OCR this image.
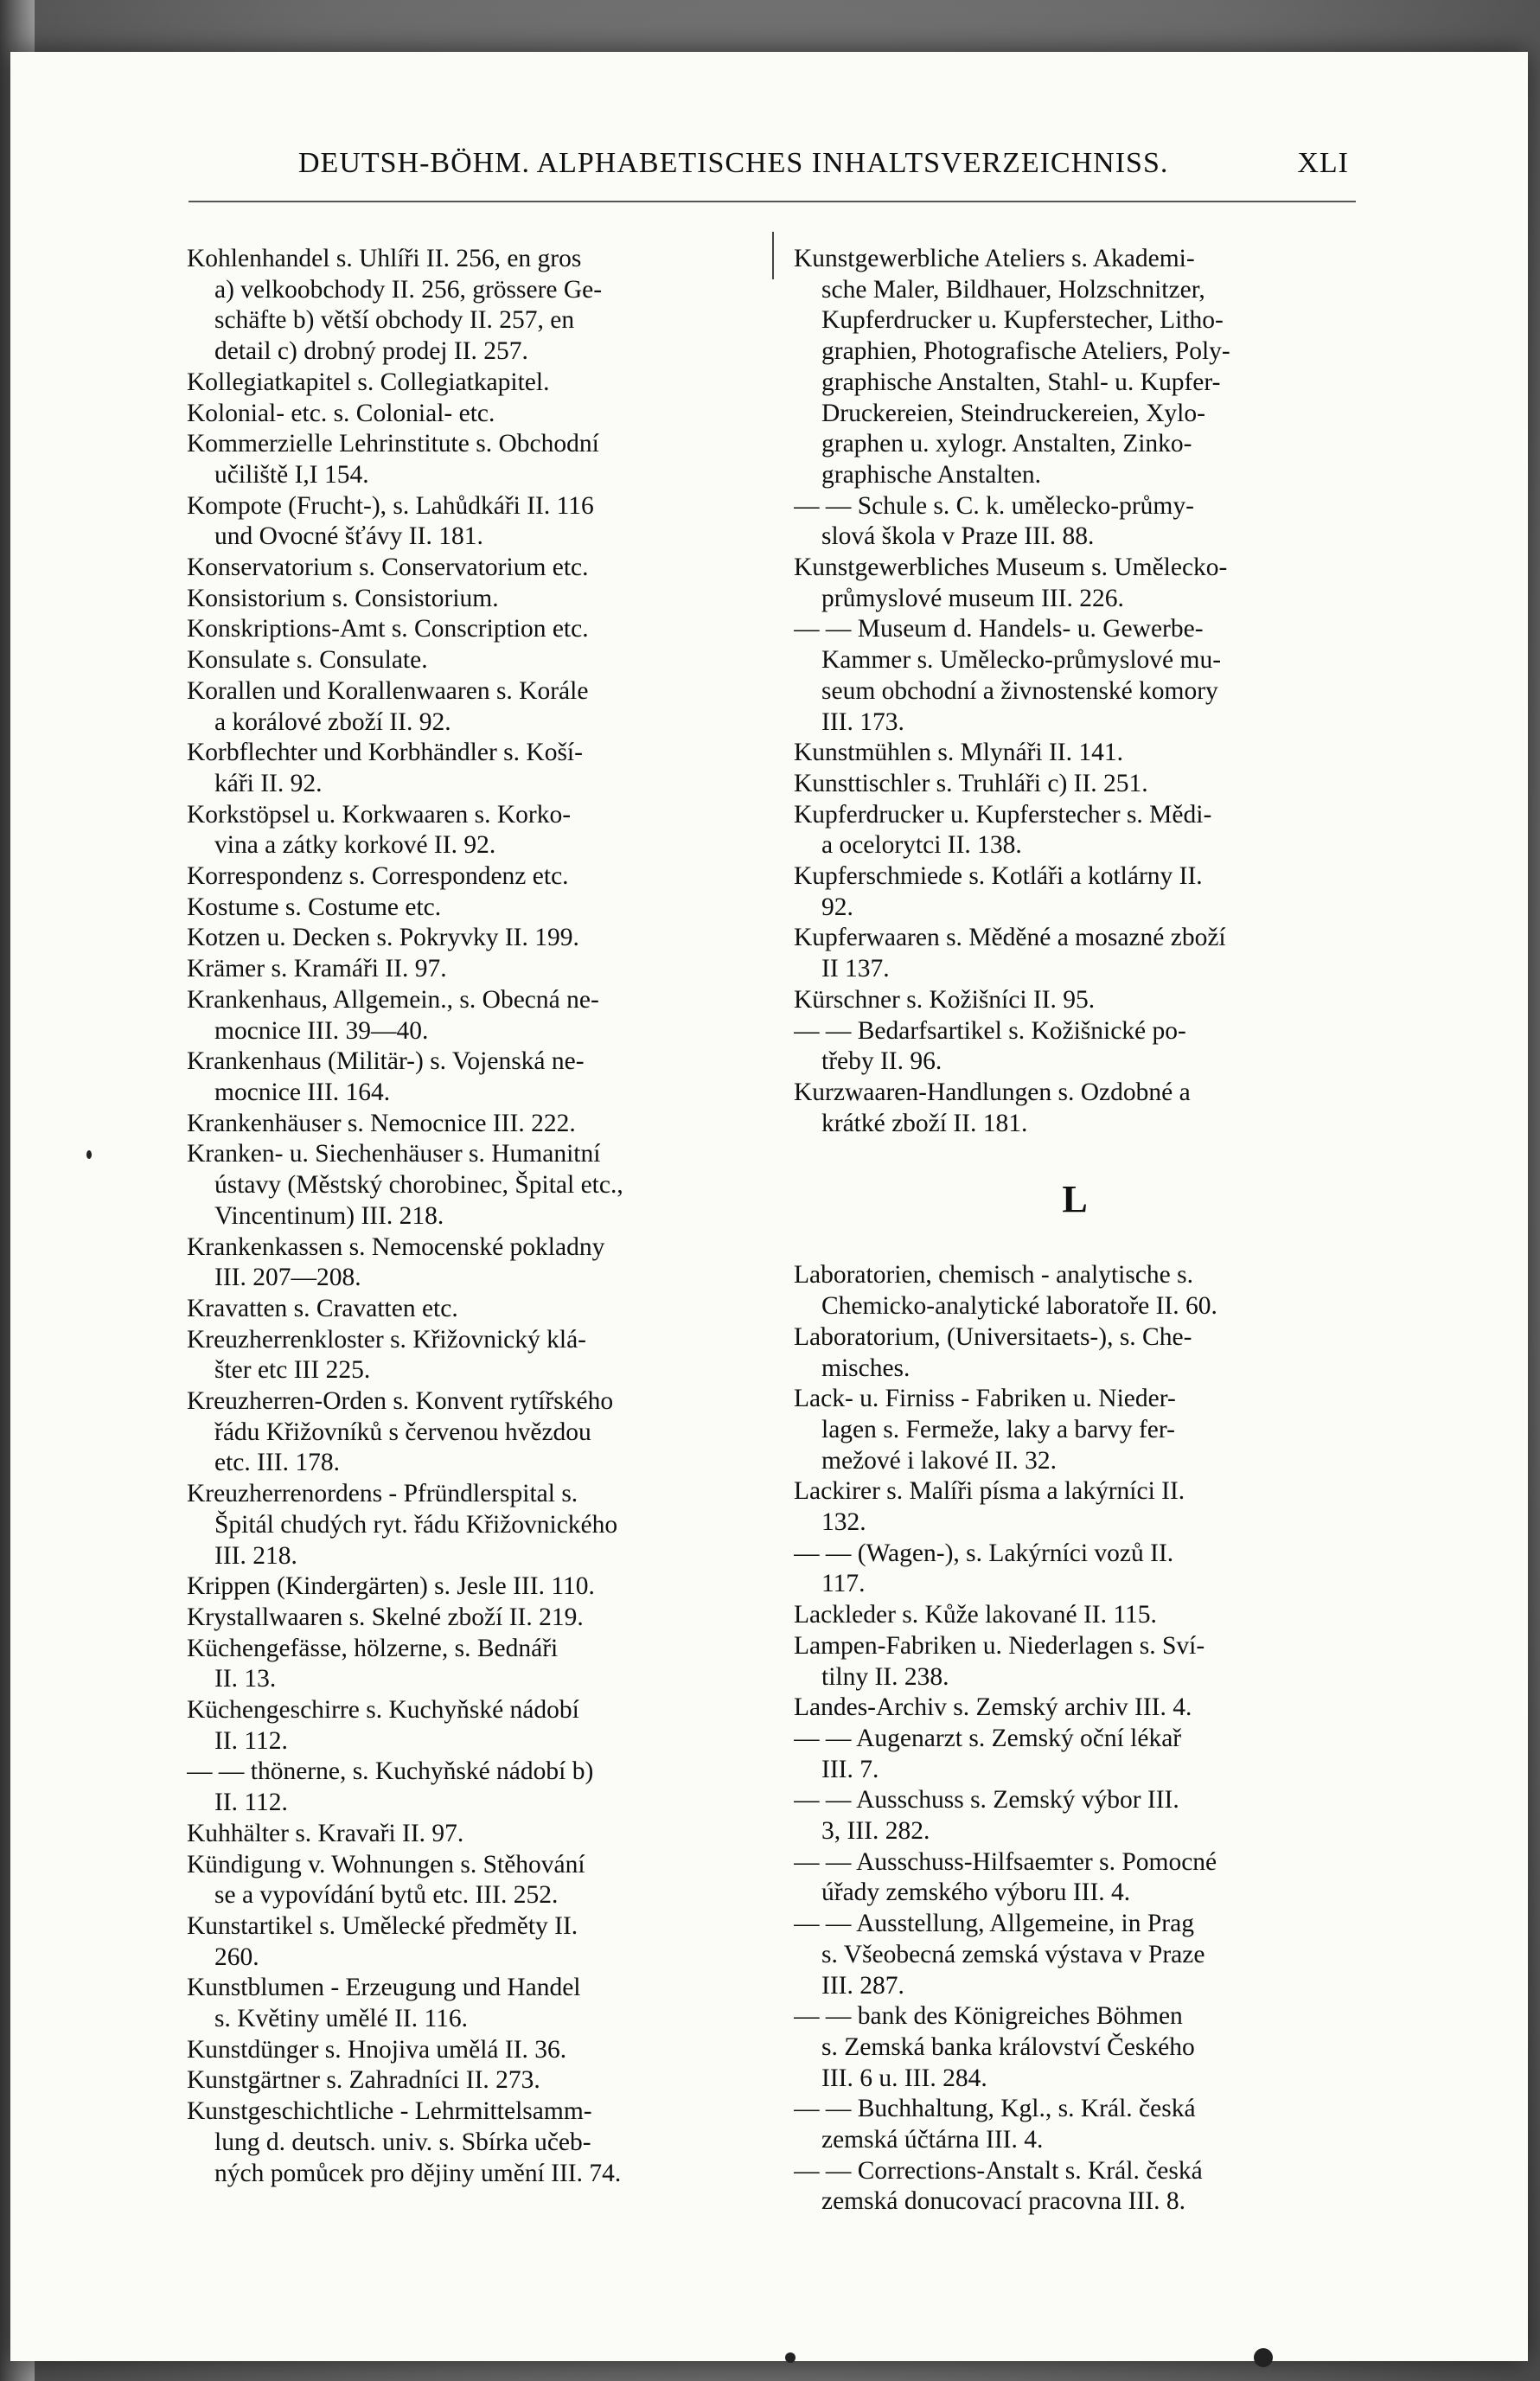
DEUTSH-BÖHM. ALPHABETISCHES INHALTSVERZEICHNISS.	XLI
Kohlenhandel s. Uhlíři II. 256, en gros
a) velkoobchody II. 256, grössere Ge-
schäfte b) větší obchody II. 257, en
detail c) drobný prodej II. 257.
Kollegiatkapitel s. Collegiatkapitel.
Kolonial- etc. s. Colonial- etc.
Kommerzielle Lehrinstitute s. Obchodní
učiliště I,I 154.
Kompote (Frucht-), s. Lahůdkáři II. 116
und Ovocné šťávy II. 181.
Konservatorium s. Conservatorium etc.
Konsistorium s. Consistorium.
Konskriptions-Amt s. Conscription etc.
Konsulate s. Consulate.
Korallen und Korallenwaaren s. Korále
a korálové zboží II. 92.
Korbflechter und Korbhändler s. Koší-
káři II. 92.
Korkstöpsel u. Korkwaaren s. Korko-
vina a zátky korkové II. 92.
Korrespondenz s. Correspondenz etc.
Kostume s. Costume etc.
Kotzen u. Decken s. Pokryvky II. 199.
Krämer s. Kramáři II. 97.
Krankenhaus, Allgemein., s. Obecná ne-
mocnice III. 39—40.
Krankenhaus (Militär-) s. Vojenská ne-
mocnice III. 164.
Krankenhäuser s. Nemocnice III. 222.
Kranken- u. Siechenhäuser s. Humanitní
ústavy (Městský chorobinec, Špital etc.,
Vincentinum) III. 218.
Krankenkassen s. Nemocenské pokladny
III. 207—208.
Kravatten s. Cravatten etc.
Kreuzherrenkloster s. Křižovnický klá-
šter etc III 225.
Kreuzherren-Orden s. Konvent rytířského
řádu Křižovníků s červenou hvězdou
etc. III. 178.
Kreuzherrenordens - Pfründlerspital s.
Špitál chudých ryt. řádu Křižovnického
III. 218.
Krippen (Kindergärten) s. Jesle III. 110.
Krystallwaaren s. Skelné zboží II. 219.
Küchengefässe, hölzerne, s. Bednáři
II. 13.
Küchengeschirre s. Kuchyňské nádobí
II. 112.
— — thönerne, s. Kuchyňské nádobí b)
II. 112.
Kuhhälter s. Kravaři II. 97.
Kündigung v. Wohnungen s. Stěhování
se a vypovídání bytů etc. III. 252.
Kunstartikel s. Umělecké předměty II.
260.
Kunstblumen - Erzeugung und Handel
s. Květiny umělé II. 116.
Kunstdünger s. Hnojiva umělá II. 36.
Kunstgärtner s. Zahradníci II. 273.
Kunstgeschichtliche - Lehrmittelsamm-
lung d. deutsch. univ. s. Sbírka učeb-
ných pomůcek pro dějiny umění III. 74.
Kunstgewerbliche Ateliers s. Akademi-
sche Maler, Bildhauer, Holzschnitzer,
Kupferdrucker u. Kupferstecher, Litho-
graphien, Photografische Ateliers, Poly-
graphische Anstalten, Stahl- u. Kupfer-
Druckereien, Steindruckereien, Xylo-
graphen u. xylogr. Anstalten, Zinko-
graphische Anstalten.
— — Schule s. C. k. umělecko-průmy-
slová škola v Praze III. 88.
Kunstgewerbliches Museum s. Umělecko-
průmyslové museum III. 226.
— — Museum d. Handels- u. Gewerbe-
Kammer s. Umělecko-průmyslové mu-
seum obchodní a živnostenské komory
III. 173.
Kunstmühlen s. Mlynáři II. 141.
Kunsttischler s. Truhláři c) II. 251.
Kupferdrucker u. Kupferstecher s. Mědi-
a ocelorytci II. 138.
Kupferschmiede s. Kotláři a kotlárny II.
92.
Kupferwaaren s. Měděné a mosazné zboží
II 137.
Kürschner s. Kožišníci II. 95.
— — Bedarfsartikel s. Kožišnické po-
třeby II. 96.
Kurzwaaren-Handlungen s. Ozdobné a
krátké zboží II. 181.
L
Laboratorien, chemisch - analytische s.
Chemicko-analytické laboratoře II. 60.
Laboratorium, (Universitaets-), s. Che-
misches.
Lack- u. Firniss - Fabriken u. Nieder-
lagen s. Fermeže, laky a barvy fer-
mežové i lakové II. 32.
Lackirer s. Malíři písma a lakýrníci II.
132.
— — (Wagen-), s. Lakýrníci vozů II.
117.
Lackleder s. Kůže lakované II. 115.
Lampen-Fabriken u. Niederlagen s. Sví-
tilny II. 238.
Landes-Archiv s. Zemský archiv III. 4.
— — Augenarzt s. Zemský oční lékař
III. 7.
— — Ausschuss s. Zemský výbor III.
3, III. 282.
— — Ausschuss-Hilfsaemter s. Pomocné
úřady zemského výboru III. 4.
— — Ausstellung, Allgemeine, in Prag
s. Všeobecná zemská výstava v Praze
III. 287.
— — bank des Königreiches Böhmen
s. Zemská banka království Českého
III. 6 u. III. 284.
— — Buchhaltung, Kgl., s. Král. česká
zemská účtárna III. 4.
— — Corrections-Anstalt s. Král. česká
zemská donucovací pracovna III. 8.
